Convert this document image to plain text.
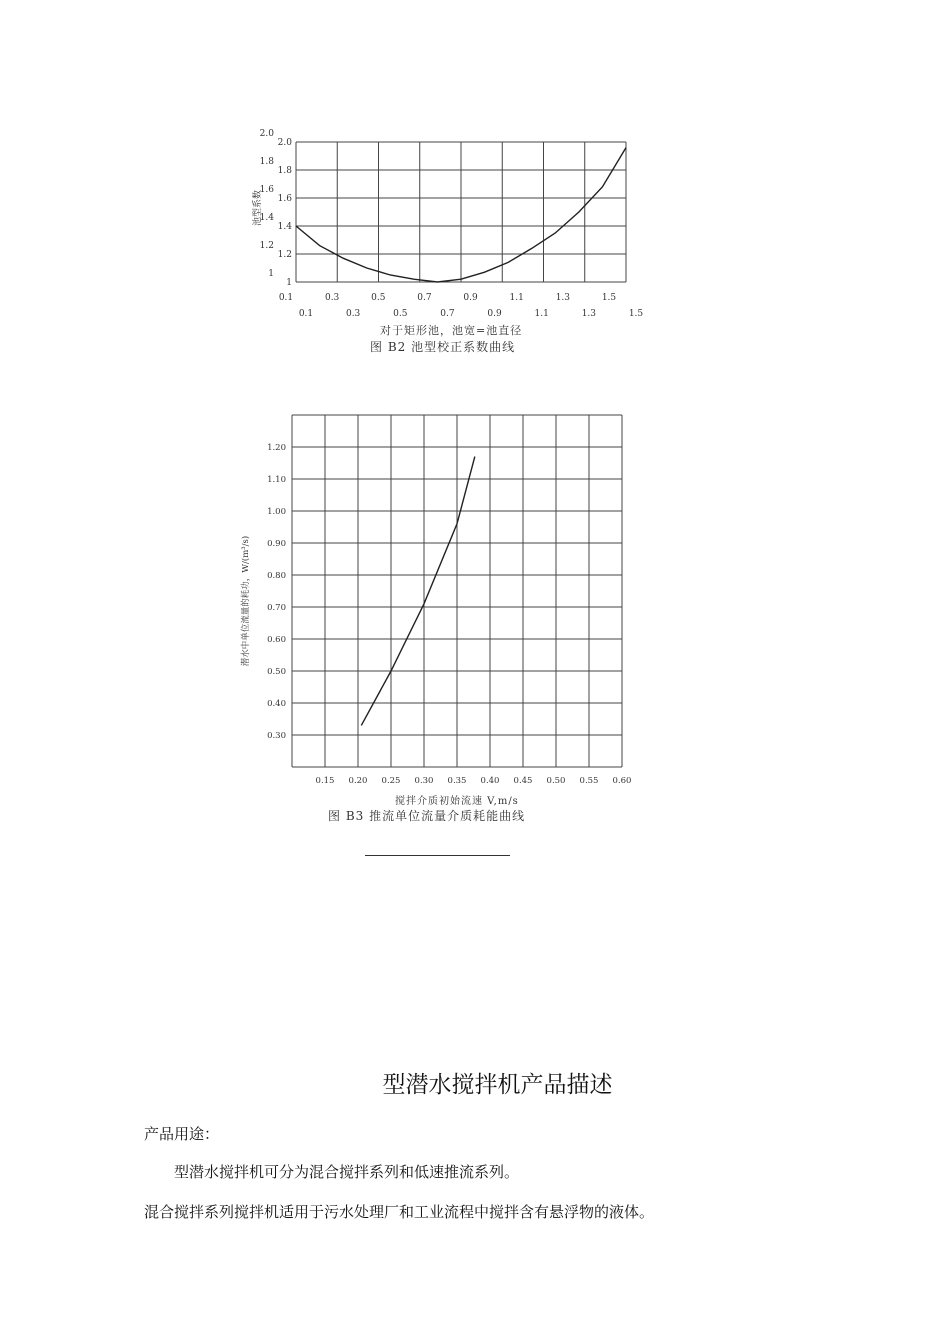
2.0
1.8
1.6
1.4
1.2
1
2.0
1.8
1.6
1.4
1.2
1
0.1	0.3	0.5	0.7	0.9	1.1	1.3	1.5
0.1	0.3	0.5	0.7	0.9	1.1	1.3	1.5
池型系数
对于矩形池，池宽=池直径
图 B2 池型校正系数曲线
1.20
1.10
1.00
0.90
0.80
0.70
0.60
0.50
0.40
0.30
0.15 0.20 0.25 0.30 0.35 0.40 0.45 0.50 0.55 0.60
潜水中单位流量的耗功，W/(m³/s)
搅拌介质初始流速 V,m/s
图 B3 推流单位流量介质耗能曲线
型潜水搅拌机产品描述
产品用途：
型潜水搅拌机可分为混合搅拌系列和低速推流系列。
混合搅拌系列搅拌机适用于污水处理厂和工业流程中搅拌含有悬浮物的液体。
